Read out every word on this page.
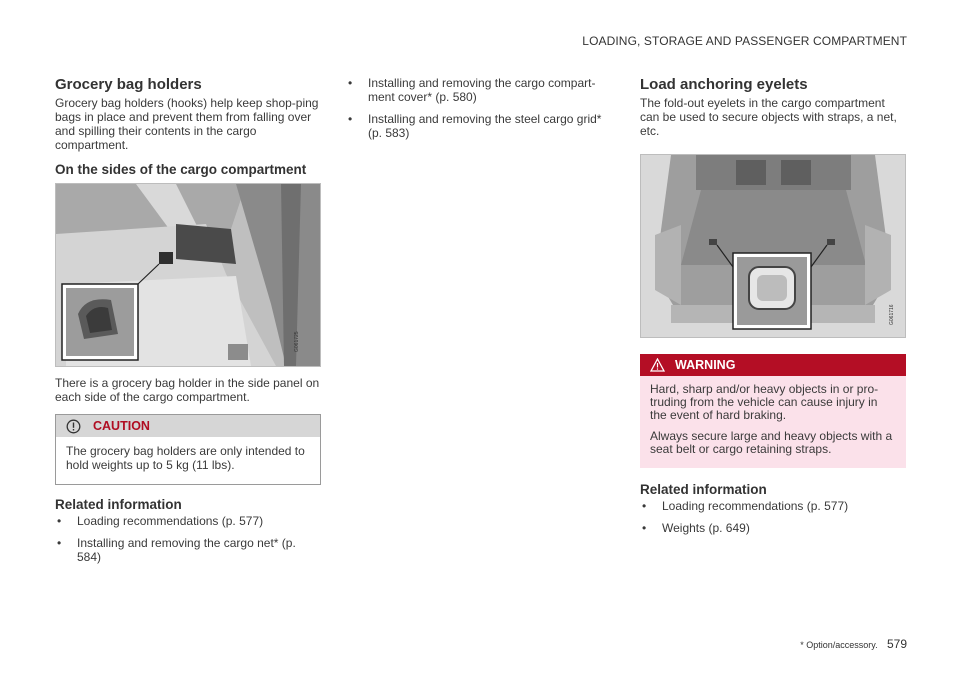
LOADING, STORAGE AND PASSENGER COMPARTMENT
Grocery bag holders

Grocery bag holders (hooks) help keep shop-ping bags in place and prevent them from falling over and spilling their contents in the cargo compartment.

On the sides of the cargo compartment
G061725

There is a grocery bag holder in the side panel on each side of the cargo compartment.

CAUTION

The grocery bag holders are only intended to hold weights up to 5 kg (11 lbs).

Related information
• Loading recommendations (p. 577)
• Installing and removing the cargo net* (p. 584)
• Installing and removing the cargo compart-ment cover* (p. 580)
• Installing and removing the steel cargo grid* (p. 583)
Load anchoring eyelets

The fold-out eyelets in the cargo compartment can be used to secure objects with straps, a net, etc.

G061716
WARNING

Hard, sharp and/or heavy objects in or pro-truding from the vehicle can cause injury in the event of hard braking.

Always secure large and heavy objects with a seat belt or cargo retaining straps.

Related information
• Loading recommendations (p. 577)
• Weights (p. 649)
* Option/accessory. 579
